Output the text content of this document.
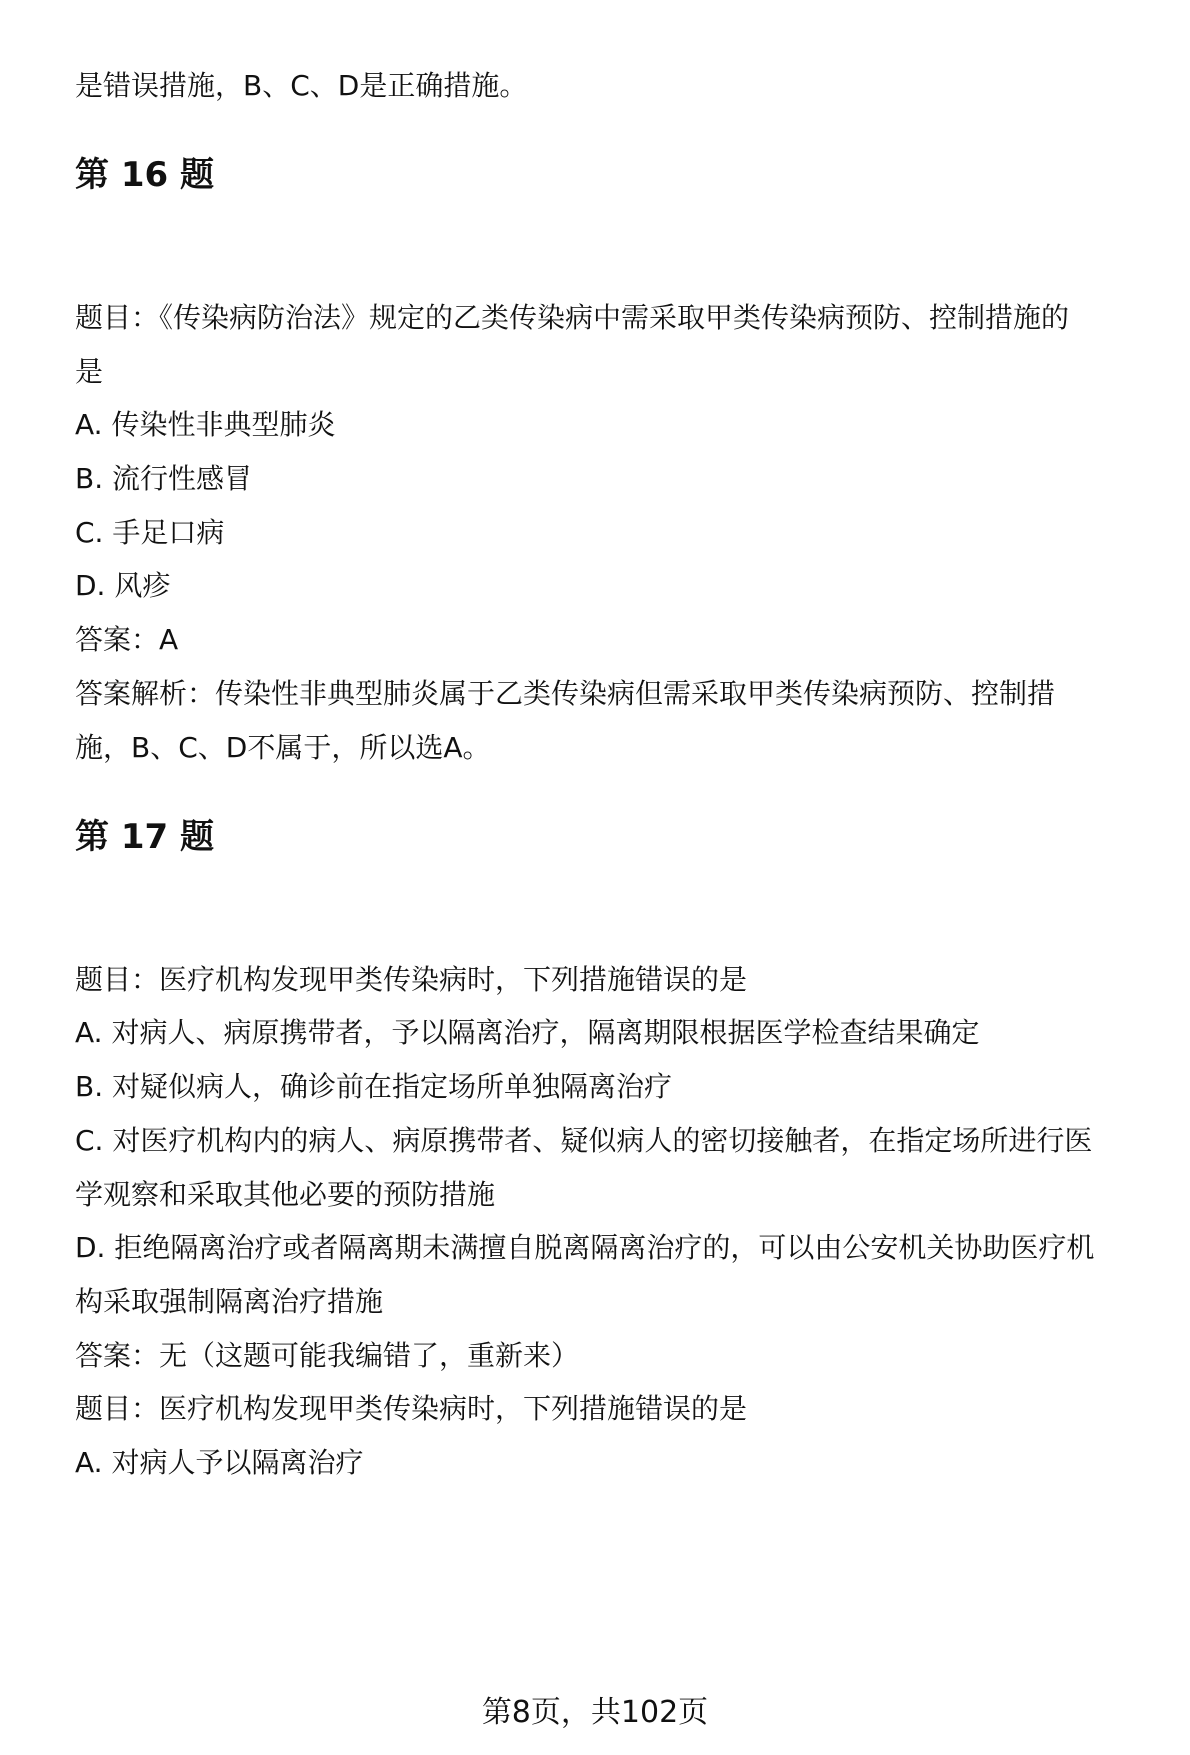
是错误措施，B、C、D是正确措施。
第 16 题
题目：《传染病防治法》规定的乙类传染病中需采取甲类传染病预防、控制措施的
是
A. 传染性非典型肺炎
B. 流行性感冒
C. 手足口病
D. 风疹
答案：A
答案解析：传染性非典型肺炎属于乙类传染病但需采取甲类传染病预防、控制措
施，B、C、D不属于，所以选A。
第 17 题
题目：医疗机构发现甲类传染病时，下列措施错误的是
A. 对病人、病原携带者，予以隔离治疗，隔离期限根据医学检查结果确定
B. 对疑似病人，确诊前在指定场所单独隔离治疗
C. 对医疗机构内的病人、病原携带者、疑似病人的密切接触者，在指定场所进行医
学观察和采取其他必要的预防措施
D. 拒绝隔离治疗或者隔离期未满擅自脱离隔离治疗的，可以由公安机关协助医疗机
构采取强制隔离治疗措施
答案：无（这题可能我编错了，重新来）
题目：医疗机构发现甲类传染病时，下列措施错误的是
A. 对病人予以隔离治疗
第8页，共102页
